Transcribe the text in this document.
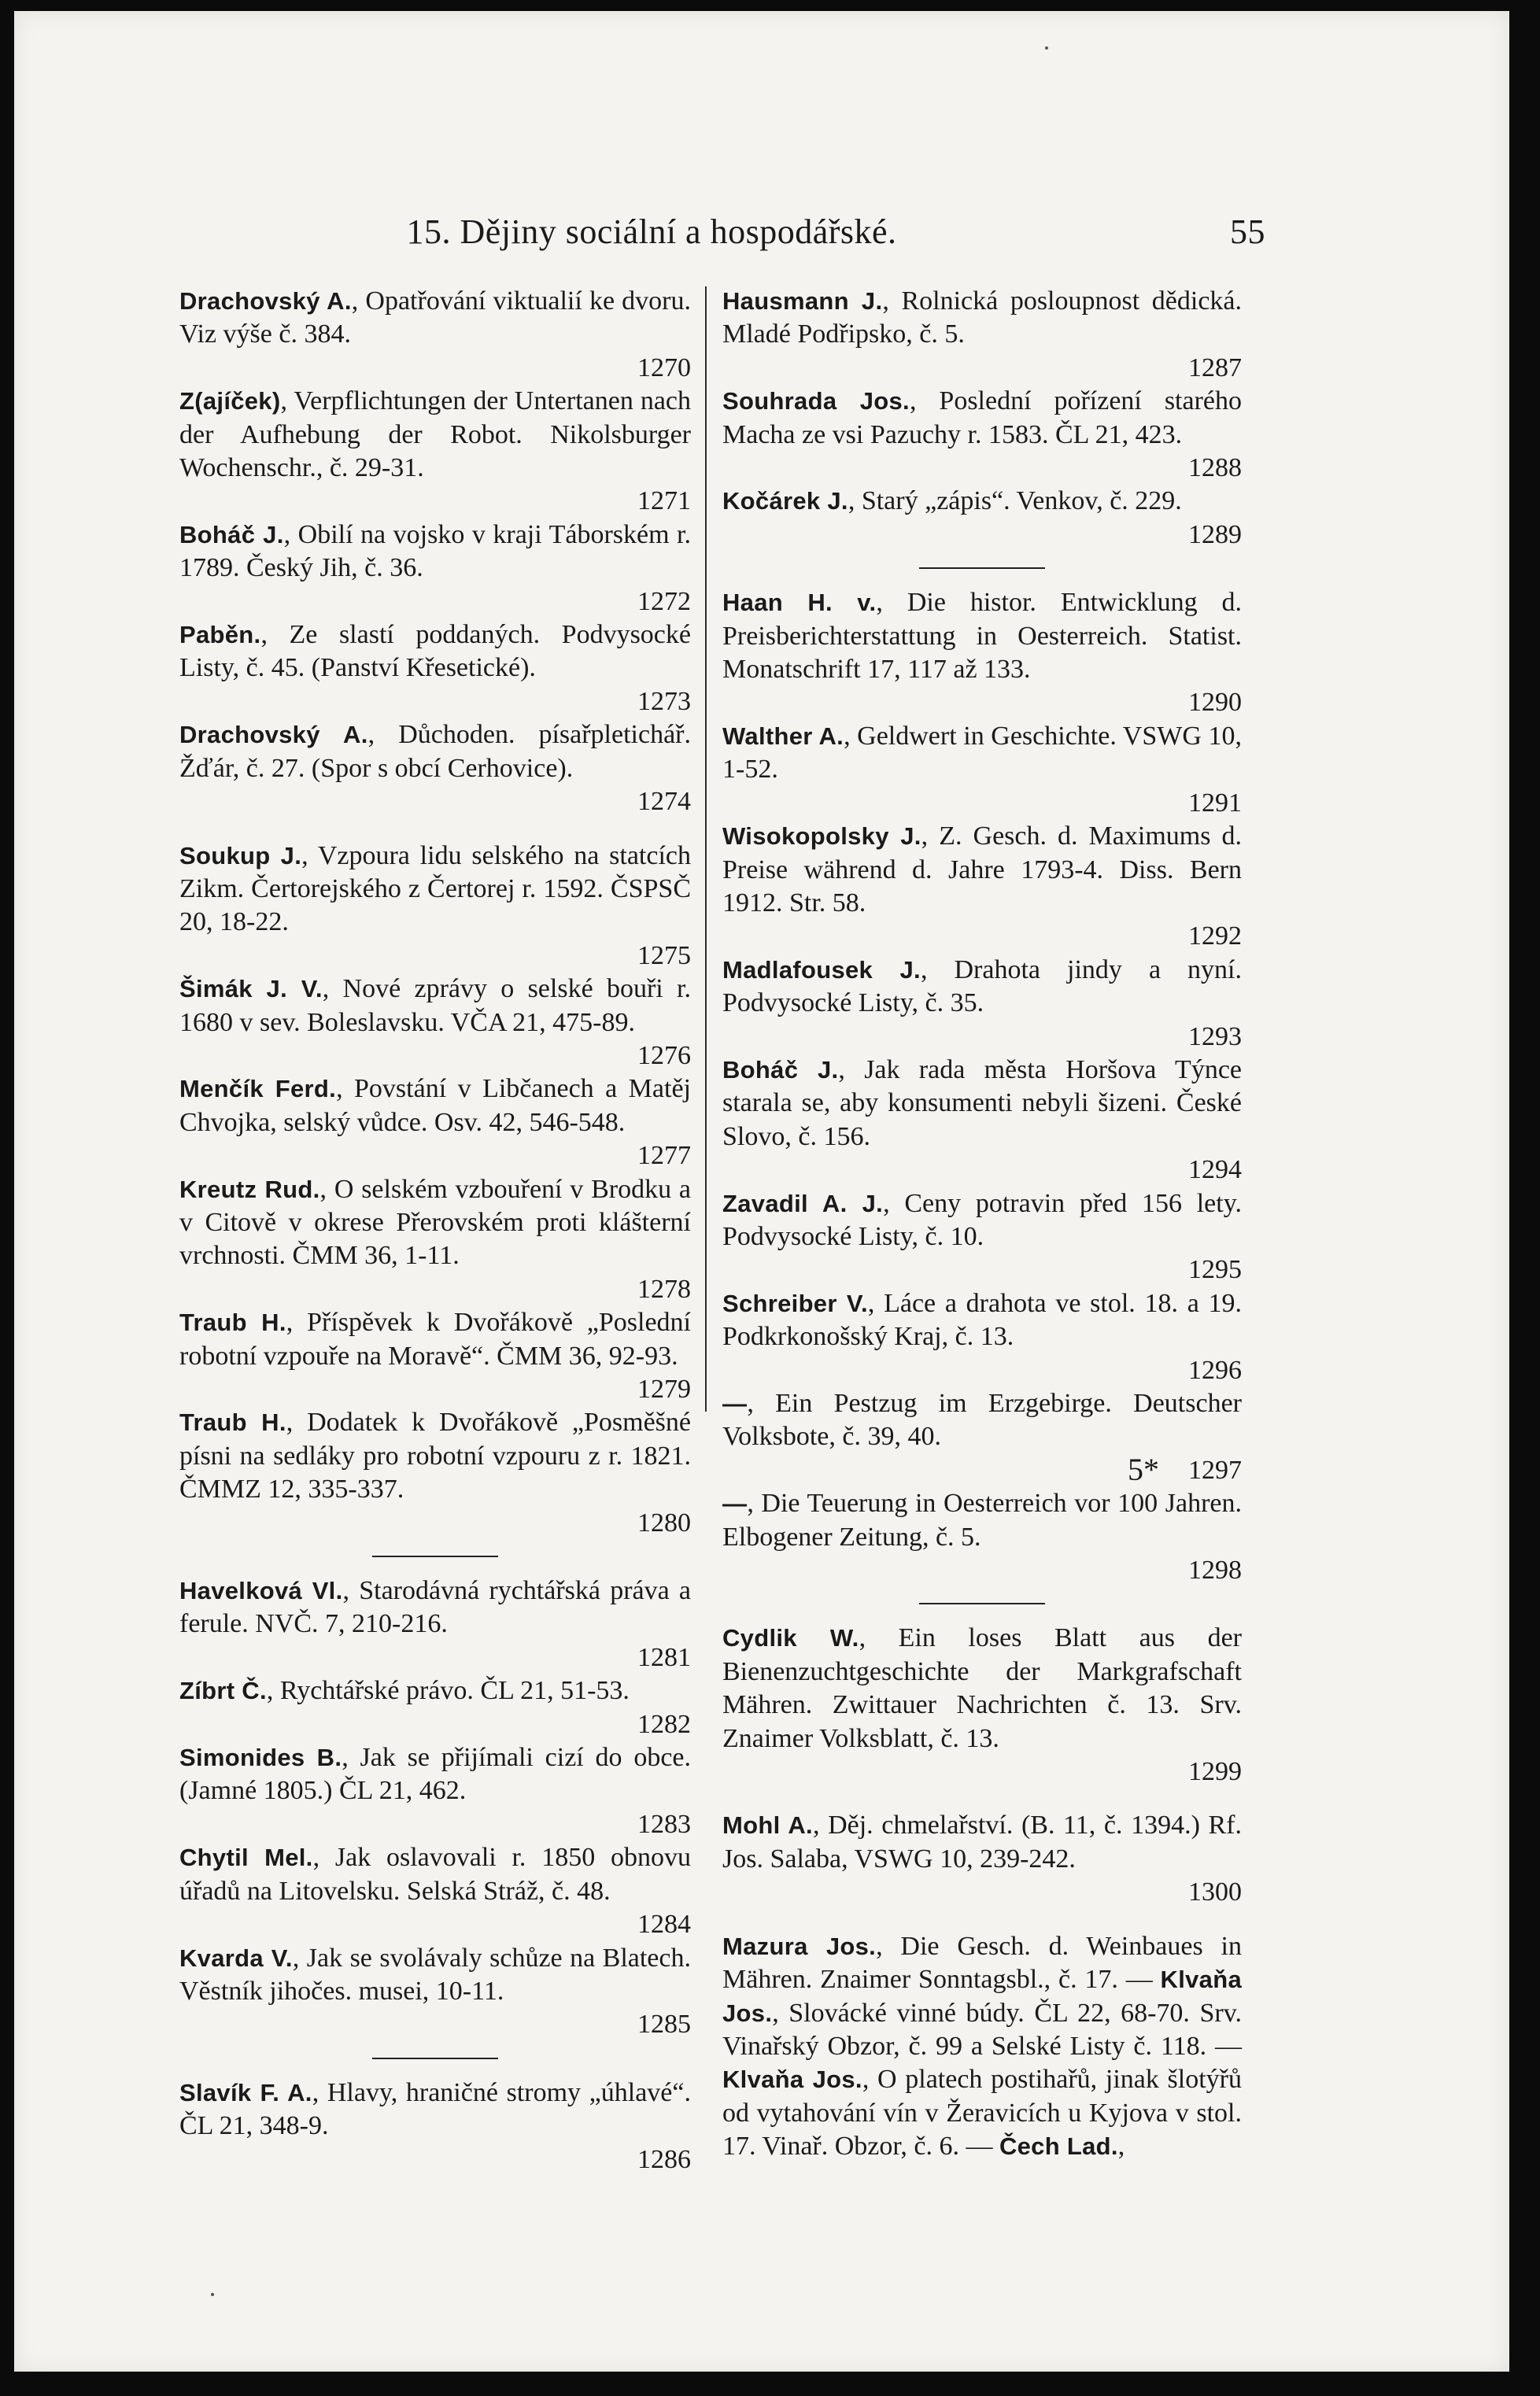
15. Dějiny sociální a hospodářské.	55
Drachovský A., Opatřování viktualií ke dvoru. Viz výše č. 384.
1270
Z(ajíček), Verpflichtungen der Untertanen nach der Aufhebung der Robot. Nikolsburger Wochenschr., č. 29-31.
1271
Boháč J., Obilí na vojsko v kraji Táborském r. 1789. Český Jih, č. 36.
1272
Paběn., Ze slastí poddaných. Podvysocké Listy, č. 45. (Panství Křesetické).
1273
Drachovský A., Důchoden. písařpletichář. Žďár, č. 27. (Spor s obcí Cerhovice).
1274
Soukup J., Vzpoura lidu selského na statcích Zikm. Čertorejského z Čertorej r. 1592. ČSPSČ 20, 18-22.
1275
Šimák J. V., Nové zprávy o selské bouři r. 1680 v sev. Boleslavsku. VČA 21, 475-89.
1276
Menčík Ferd., Povstání v Libčanech a Matěj Chvojka, selský vůdce. Osv. 42, 546-548.
1277
Kreutz Rud., O selském vzbouření v Brodku a v Citově v okrese Přerovském proti klášterní vrchnosti. ČMM 36, 1-11.
1278
Traub H., Příspěvek k Dvořákově „Poslední robotní vzpouře na Moravě“. ČMM 36, 92-93.
1279
Traub H., Dodatek k Dvořákově „Posměšné písni na sedláky pro robotní vzpouru z r. 1821. ČMMZ 12, 335-337.
1280
Havelková Vl., Starodávná rychtářská práva a ferule. NVČ. 7, 210-216.
1281
Zíbrt Č., Rychtářské právo. ČL 21, 51-53.
1282
Simonides B., Jak se přijímali cizí do obce. (Jamné 1805.) ČL 21, 462.
1283
Chytil Mel., Jak oslavovali r. 1850 obnovu úřadů na Litovelsku. Selská Stráž, č. 48.
1284
Kvarda V., Jak se svolávaly schůze na Blatech. Věstník jihočes. musei, 10-11.
1285
Slavík F. A., Hlavy, hraničné stromy „úhlavé“. ČL 21, 348-9.
1286
Hausmann J., Rolnická posloupnost dědická. Mladé Podřipsko, č. 5.
1287
Souhrada Jos., Poslední pořízení starého Macha ze vsi Pazuchy r. 1583. ČL 21, 423.
1288
Kočárek J., Starý „zápis“. Venkov, č. 229.
1289
Haan H. v., Die histor. Entwicklung d. Preisberichterstattung in Oesterreich. Statist. Monatschrift 17, 117 až 133.
1290
Walther A., Geldwert in Geschichte. VSWG 10, 1-52.
1291
Wisokopolsky J., Z. Gesch. d. Maximums d. Preise während d. Jahre 1793-4. Diss. Bern 1912. Str. 58.
1292
Madlafousek J., Drahota jindy a nyní. Podvysocké Listy, č. 35.
1293
Boháč J., Jak rada města Horšova Týnce starala se, aby konsumenti nebyli šizeni. České Slovo, č. 156.
1294
Zavadil A. J., Ceny potravin před 156 lety. Podvysocké Listy, č. 10.
1295
Schreiber V., Láce a drahota ve stol. 18. a 19. Podkrkonošský Kraj, č. 13.
1296
—, Ein Pestzug im Erzgebirge. Deutscher Volksbote, č. 39, 40.
1297
—, Die Teuerung in Oesterreich vor 100 Jahren. Elbogener Zeitung, č. 5.
1298
Cydlik W., Ein loses Blatt aus der Bienenzuchtgeschichte der Markgrafschaft Mähren. Zwittauer Nachrichten č. 13. Srv. Znaimer Volksblatt, č. 13.
1299
Mohl A., Děj. chmelařství. (B. 11, č. 1394.) Rf. Jos. Salaba, VSWG 10, 239-242.
1300
Mazura Jos., Die Gesch. d. Weinbaues in Mähren. Znaimer Sonntagsbl., č. 17. — Klvaňa Jos., Slovácké vinné búdy. ČL 22, 68-70. Srv. Vinařský Obzor, č. 99 a Selské Listy č. 118. — Klvaňa Jos., O platech postihařů, jinak šlotýřů od vytahování vín v Žeravicích u Kyjova v stol. 17. Vinař. Obzor, č. 6. — Čech Lad.,
5*
